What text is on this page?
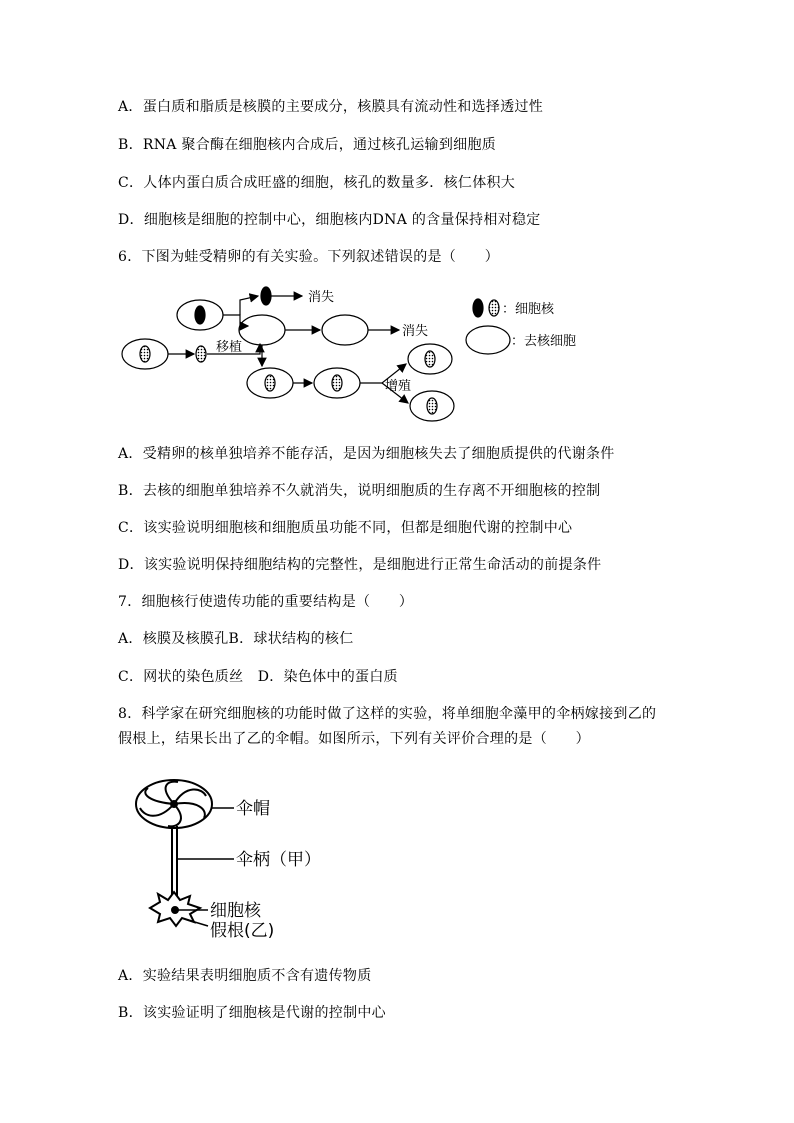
A．蛋白质和脂质是核膜的主要成分，核膜具有流动性和选择透过性
B．RNA 聚合酶在细胞核内合成后，通过核孔运输到细胞质
C．人体内蛋白质合成旺盛的细胞，核孔的数量多．核仁体积大
D．细胞核是细胞的控制中心，细胞核内DNA 的含量保持相对稳定
6．下图为蛙受精卵的有关实验。下列叙述错误的是（　　）
消失
消失
移植
增殖
：细胞核
：去核细胞
A．受精卵的核单独培养不能存活，是因为细胞核失去了细胞质提供的代谢条件
B．去核的细胞单独培养不久就消失，说明细胞质的生存离不开细胞核的控制
C．该实验说明细胞核和细胞质虽功能不同，但都是细胞代谢的控制中心
D．该实验说明保持细胞结构的完整性，是细胞进行正常生命活动的前提条件
7．细胞核行使遗传功能的重要结构是（　　）
A．核膜及核膜孔B．球状结构的核仁
C．网状的染色质丝　D．染色体中的蛋白质
8．科学家在研究细胞核的功能时做了这样的实验，将单细胞伞藻甲的伞柄嫁接到乙的
假根上，结果长出了乙的伞帽。如图所示，下列有关评价合理的是（　　）
伞帽
伞柄（甲）
细胞核
假根(乙)
A．实验结果表明细胞质不含有遗传物质
B．该实验证明了细胞核是代谢的控制中心
